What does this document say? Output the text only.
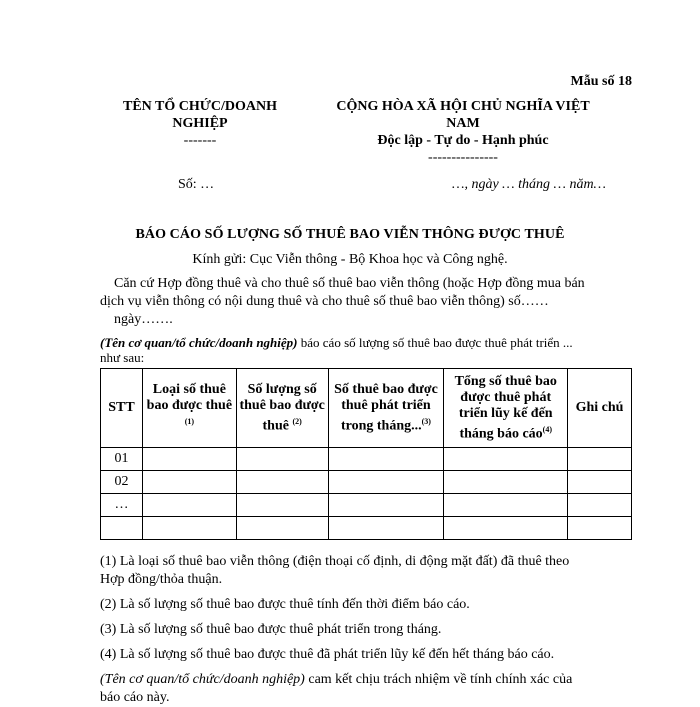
Mẫu số 18
TÊN TỔ CHỨC/DOANH
NGHIỆP
-------
CỘNG HÒA XÃ HỘI CHỦ NGHĨA VIỆT
NAM
Độc lập - Tự do - Hạnh phúc
---------------
Số: …	…, ngày … tháng … năm…
BÁO CÁO SỐ LƯỢNG SỐ THUÊ BAO VIỄN THÔNG ĐƯỢC THUÊ
Kính gửi: Cục Viễn thông - Bộ Khoa học và Công nghệ.
Căn cứ Hợp đồng thuê và cho thuê số thuê bao viễn thông (hoặc Hợp đồng mua bán
dịch vụ viễn thông có nội dung thuê và cho thuê số thuê bao viễn thông) số……
ngày…….
(Tên cơ quan/tổ chức/doanh nghiệp) báo cáo số lượng số thuê bao được thuê phát triển ...
như sau:
STT	Loại số thuê bao được thuê $^{(1)}$	Số lượng số thuê bao được thuê $^{(2)}$	Số thuê bao được thuê phát triển trong tháng...$^{(3)}$	Tổng số thuê bao được thuê phát triển lũy kế đến tháng báo cáo$^{(4)}$	Ghi chú
01					
02					
…					

(1) Là loại số thuê bao viễn thông (điện thoại cố định, di động mặt đất) đã thuê theo
Hợp đồng/thỏa thuận.
(2) Là số lượng số thuê bao được thuê tính đến thời điểm báo cáo.
(3) Là số lượng số thuê bao được thuê phát triển trong tháng.
(4) Là số lượng số thuê bao được thuê đã phát triển lũy kế đến hết tháng báo cáo.
(Tên cơ quan/tổ chức/doanh nghiệp) cam kết chịu trách nhiệm về tính chính xác của
báo cáo này.
